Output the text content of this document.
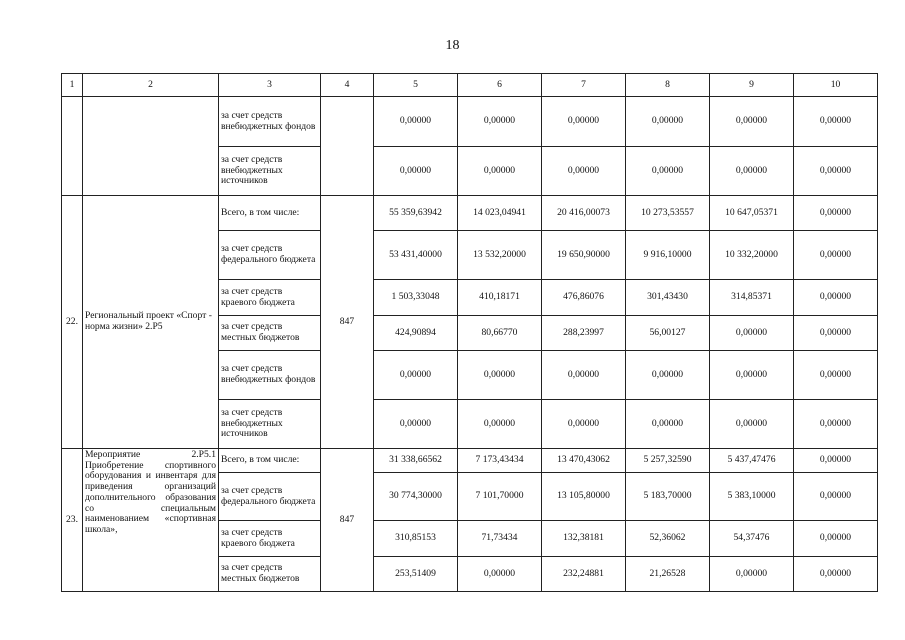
18
1	2	3	4	5	6	7	8	9	10
		за счет средств внебюджетных фондов		0,00000	0,00000	0,00000	0,00000	0,00000	0,00000
		за счет средств внебюджетных источников		0,00000	0,00000	0,00000	0,00000	0,00000	0,00000
22.	Региональный проект «Спорт - норма жизни» 2.P5	Всего, в том числе:	847	55 359,63942	14 023,04941	20 416,00073	10 273,53557	10 647,05371	0,00000
		за счет средств федерального бюджета		53 431,40000	13 532,20000	19 650,90000	9 916,10000	10 332,20000	0,00000
		за счет средств краевого бюджета		1 503,33048	410,18171	476,86076	301,43430	314,85371	0,00000
		за счет средств местных бюджетов		424,90894	80,66770	288,23997	56,00127	0,00000	0,00000
		за счет средств внебюджетных фондов		0,00000	0,00000	0,00000	0,00000	0,00000	0,00000
		за счет средств внебюджетных источников		0,00000	0,00000	0,00000	0,00000	0,00000	0,00000
23.	Мероприятие 2.P5.1 Приобретение спортивного оборудования и инвентаря для приведения организаций дополнительного образования со специальным наименованием «спортивная школа»,	Всего, в том числе:	847	31 338,66562	7 173,43434	13 470,43062	5 257,32590	5 437,47476	0,00000
		за счет средств федерального бюджета		30 774,30000	7 101,70000	13 105,80000	5 183,70000	5 383,10000	0,00000
		за счет средств краевого бюджета		310,85153	71,73434	132,38181	52,36062	54,37476	0,00000
		за счет средств местных бюджетов		253,51409	0,00000	232,24881	21,26528	0,00000	0,00000
